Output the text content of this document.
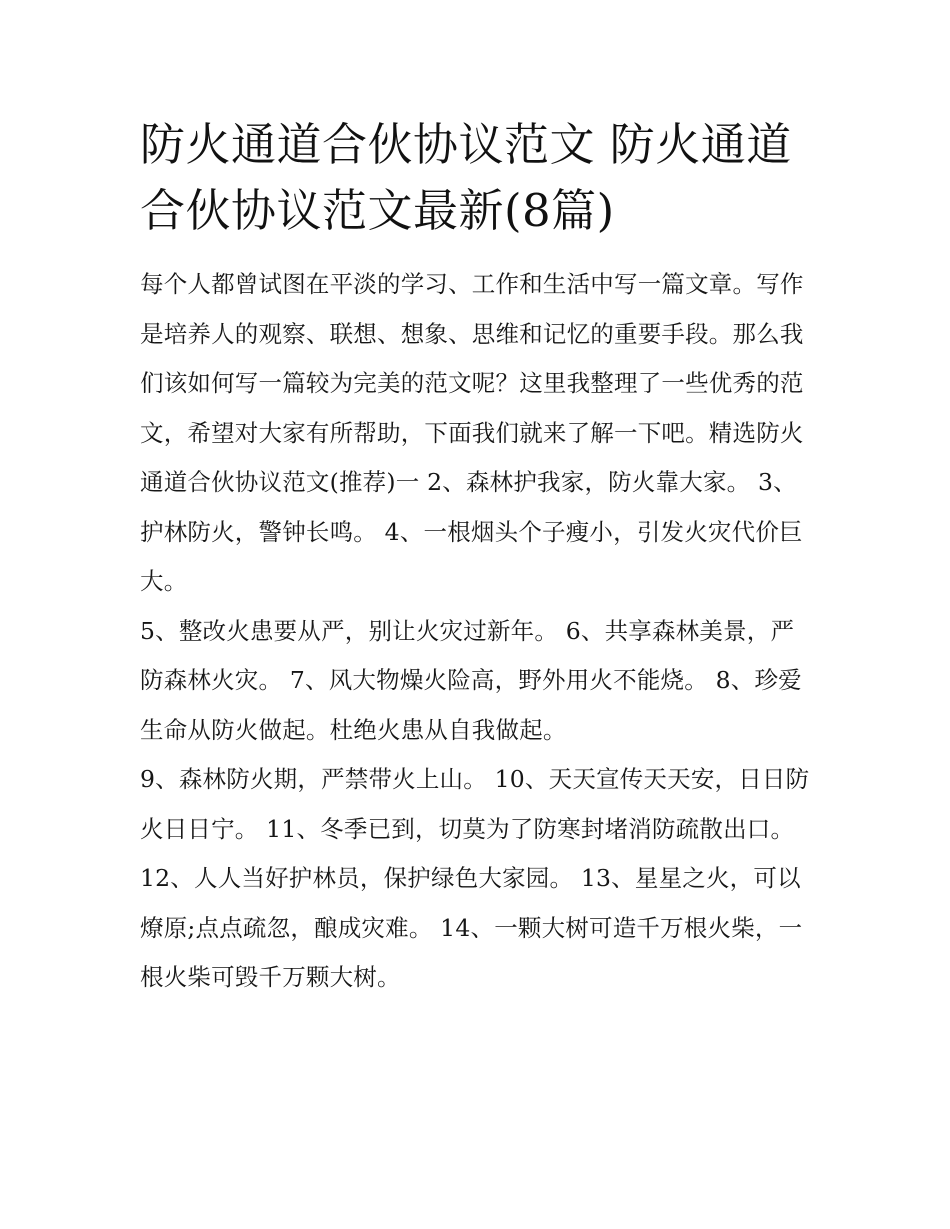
防火通道合伙协议范文 防火通道合伙协议范文最新(8篇)

每个人都曾试图在平淡的学习、工作和生活中写一篇文章。写作是培养人的观察、联想、想象、思维和记忆的重要手段。那么我们该如何写一篇较为完美的范文呢？这里我整理了一些优秀的范文，希望对大家有所帮助，下面我们就来了解一下吧。精选防火通道合伙协议范文(推荐)一 2、森林护我家，防火靠大家。 3、护林防火，警钟长鸣。 4、一根烟头个子瘦小，引发火灾代价巨大。

5、整改火患要从严，别让火灾过新年。 6、共享森林美景，严防森林火灾。 7、风大物燥火险高，野外用火不能烧。 8、珍爱生命从防火做起。杜绝火患从自我做起。

9、森林防火期，严禁带火上山。 10、天天宣传天天安，日日防火日日宁。 11、冬季已到，切莫为了防寒封堵消防疏散出口。

12、人人当好护林员，保护绿色大家园。 13、星星之火，可以燎原;点点疏忽，酿成灾难。 14、一颗大树可造千万根火柴，一根火柴可毁千万颗大树。
